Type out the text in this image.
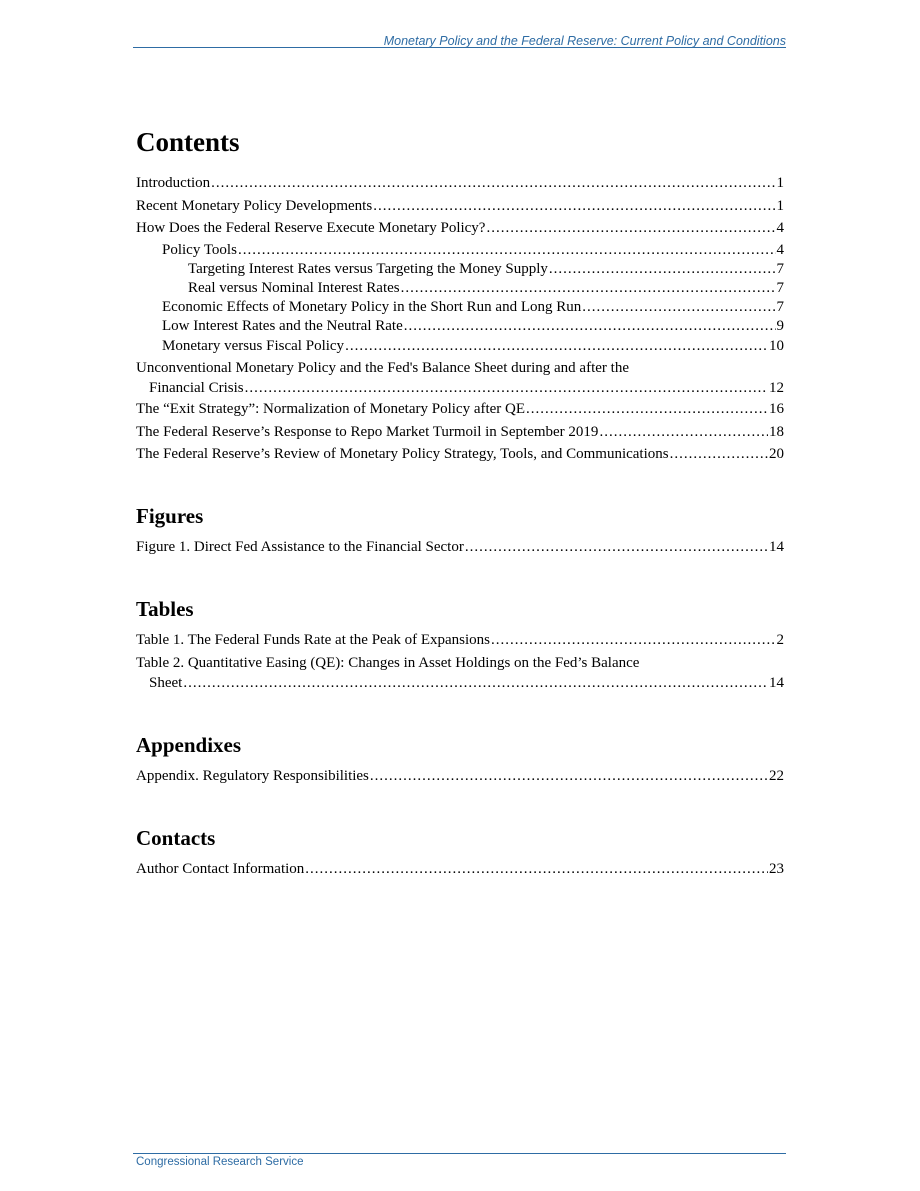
Monetary Policy and the Federal Reserve: Current Policy and Conditions
Contents
Introduction .....	1
Recent Monetary Policy Developments .....	1
How Does the Federal Reserve Execute Monetary Policy? .....	4
Policy Tools .....	4
Targeting Interest Rates versus Targeting the Money Supply .....	7
Real versus Nominal Interest Rates .....	7
Economic Effects of Monetary Policy in the Short Run and Long Run .....	7
Low Interest Rates and the Neutral Rate .....	9
Monetary versus Fiscal Policy .....	10
Unconventional Monetary Policy and the Fed's Balance Sheet during and after the
Financial Crisis .....	12
The “Exit Strategy”: Normalization of Monetary Policy after QE .....	16
The Federal Reserve’s Response to Repo Market Turmoil in September 2019 .....	18
The Federal Reserve’s Review of Monetary Policy Strategy, Tools, and Communications .....	20
Figures
Figure 1. Direct Fed Assistance to the Financial Sector .....	14
Tables
Table 1. The Federal Funds Rate at the Peak of Expansions .....	2
Table 2. Quantitative Easing (QE): Changes in Asset Holdings on the Fed’s Balance
Sheet .....	14
Appendixes
Appendix. Regulatory Responsibilities .....	22
Contacts
Author Contact Information .....	23
Congressional Research Service
